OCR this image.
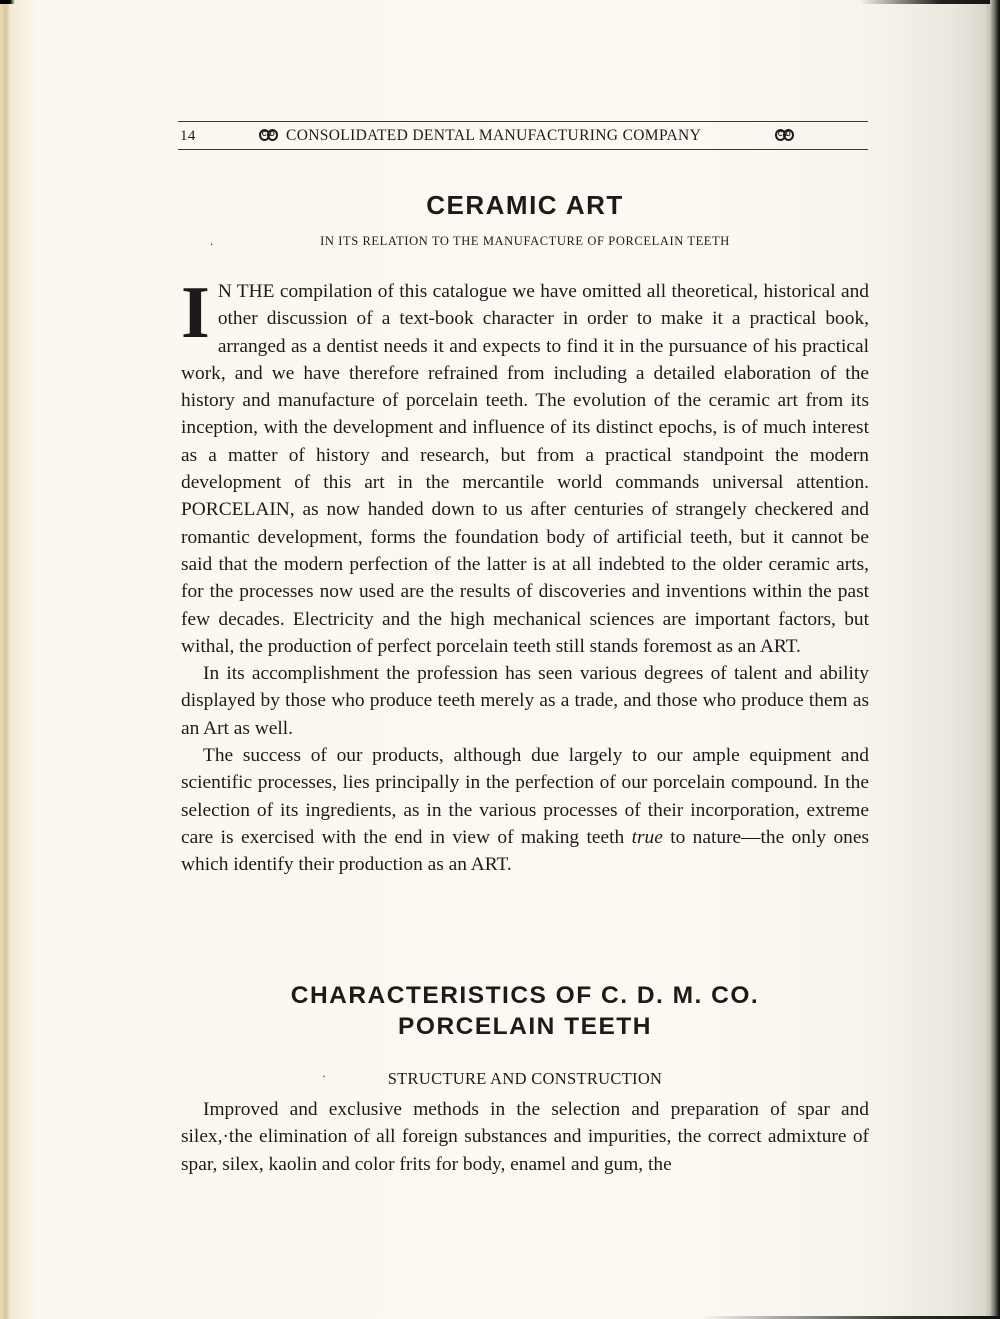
14	C D CONSOLIDATED DENTAL MANUFACTURING COMPANY	C D
CERAMIC ART
.	IN ITS RELATION TO THE MANUFACTURE OF PORCELAIN TEETH

I N THE compilation of this catalogue we have omitted all theoretical, historical and other discussion of a text-book character in order to make it a practical book, arranged as a dentist needs it and expects to find it in the pursuance of his practical work, and we have therefore refrained from including a detailed elaboration of the history and manufacture of porcelain teeth. The evolution of the ceramic art from its inception, with the development and influence of its distinct epochs, is of much interest as a matter of history and research, but from a practical standpoint the modern development of this art in the mercantile world commands universal attention. PORCELAIN, as now handed down to us after centuries of strangely checkered and romantic development, forms the foundation body of artificial teeth, but it cannot be said that the modern perfection of the latter is at all indebted to the older ceramic arts, for the processes now used are the results of discoveries and inventions within the past few decades. Electricity and the high mechanical sciences are important factors, but withal, the production of perfect porcelain teeth still stands foremost as an ART.

In its accomplishment the profession has seen various degrees of talent and ability displayed by those who produce teeth merely as a trade, and those who produce them as an Art as well.

The success of our products, although due largely to our ample equipment and scientific processes, lies principally in the perfection of our porcelain compound. In the selection of its ingredients, as in the various processes of their incorporation, extreme care is exercised with the end in view of making teeth true to nature—the only ones which identify their production as an ART.

CHARACTERISTICS OF C. D. M. CO.
PORCELAIN TEETH
·	STRUCTURE AND CONSTRUCTION

Improved and exclusive methods in the selection and preparation of spar and silex,·the elimination of all foreign substances and impurities, the correct admixture of spar, silex, kaolin and color frits for body, enamel and gum, the
